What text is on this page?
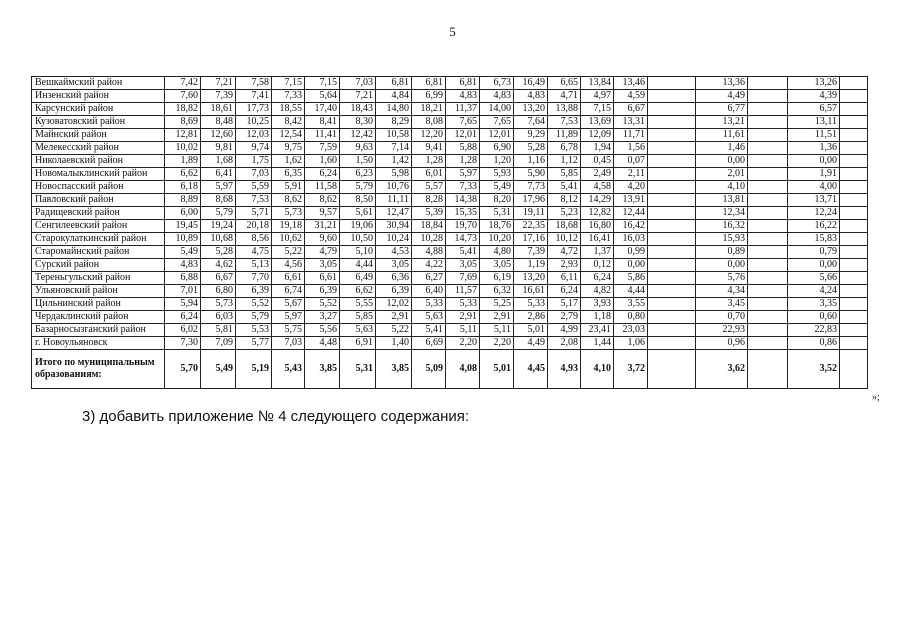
5
Вешкаймский район	7,42	7,21	7,58	7,15	7,15	7,03	6,81	6,81	6,81	6,73	16,49	6,65	13,84	13,46		13,36		13,26	
Инзенский район	7,60	7,39	7,41	7,33	5,64	7,21	4,84	6,99	4,83	4,83	4,83	4,71	4,97	4,59		4,49		4,39	
Карсунский район	18,82	18,61	17,73	18,55	17,40	18,43	14,80	18,21	11,37	14,00	13,20	13,88	7,15	6,67		6,77		6,57	
Кузоватовский район	8,69	8,48	10,25	8,42	8,41	8,30	8,29	8,08	7,65	7,65	7,64	7,53	13,69	13,31		13,21		13,11	
Майнский район	12,81	12,60	12,03	12,54	11,41	12,42	10,58	12,20	12,01	12,01	9,29	11,89	12,09	11,71		11,61		11,51	
Мелекесский район	10,02	9,81	9,74	9,75	7,59	9,63	7,14	9,41	5,88	6,90	5,28	6,78	1,94	1,56		1,46		1,36	
Николаевский район	1,89	1,68	1,75	1,62	1,60	1,50	1,42	1,28	1,28	1,20	1,16	1,12	0,45	0,07		0,00		0,00	
Новомалыклинский район	6,62	6,41	7,03	6,35	6,24	6,23	5,98	6,01	5,97	5,93	5,90	5,85	2,49	2,11		2,01		1,91	
Новоспасский район	6,18	5,97	5,59	5,91	11,58	5,79	10,76	5,57	7,33	5,49	7,73	5,41	4,58	4,20		4,10		4,00	
Павловский район	8,89	8,68	7,53	8,62	8,62	8,50	11,11	8,28	14,38	8,20	17,96	8,12	14,29	13,91		13,81		13,71	
Радищевский район	6,00	5,79	5,71	5,73	9,57	5,61	12,47	5,39	15,35	5,31	19,11	5,23	12,82	12,44		12,34		12,24	
Сенгилеевский район	19,45	19,24	20,18	19,18	31,21	19,06	30,94	18,84	19,70	18,76	22,35	18,68	16,80	16,42		16,32		16,22	
Старокулаткинский район	10,89	10,68	8,56	10,62	9,60	10,50	10,24	10,28	14,73	10,20	17,16	10,12	16,41	16,03		15,93		15,83	
Старомайнский район	5,49	5,28	4,75	5,22	4,79	5,10	4,53	4,88	5,41	4,80	7,39	4,72	1,37	0,99		0,89		0,79	
Сурский район	4,83	4,62	5,13	4,56	3,05	4,44	3,05	4,22	3,05	3,05	1,19	2,93	0,12	0,00		0,00		0,00	
Тереньгульский район	6,88	6,67	7,70	6,61	6,61	6,49	6,36	6,27	7,69	6,19	13,20	6,11	6,24	5,86		5,76		5,66	
Ульяновский район	7,01	6,80	6,39	6,74	6,39	6,62	6,39	6,40	11,57	6,32	16,61	6,24	4,82	4,44		4,34		4,24	
Цильнинский район	5,94	5,73	5,52	5,67	5,52	5,55	12,02	5,33	5,33	5,25	5,33	5,17	3,93	3,55		3,45		3,35	
Чердаклинский район	6,24	6,03	5,79	5,97	3,27	5,85	2,91	5,63	2,91	2,91	2,86	2,79	1,18	0,80		0,70		0,60	
Базарносызганский район	6,02	5,81	5,53	5,75	5,56	5,63	5,22	5,41	5,11	5,11	5,01	4,99	23,41	23,03		22,93		22,83	
г. Новоульяновск	7,30	7,09	5,77	7,03	4,48	6,91	1,40	6,69	2,20	2,20	4,49	2,08	1,44	1,06		0,96		0,86	
Итого по муниципальным образованиям:	5,70	5,49	5,19	5,43	3,85	5,31	3,85	5,09	4,08	5,01	4,45	4,93	4,10	3,72		3,62		3,52	
»;
3) добавить приложение № 4 следующего содержания:
